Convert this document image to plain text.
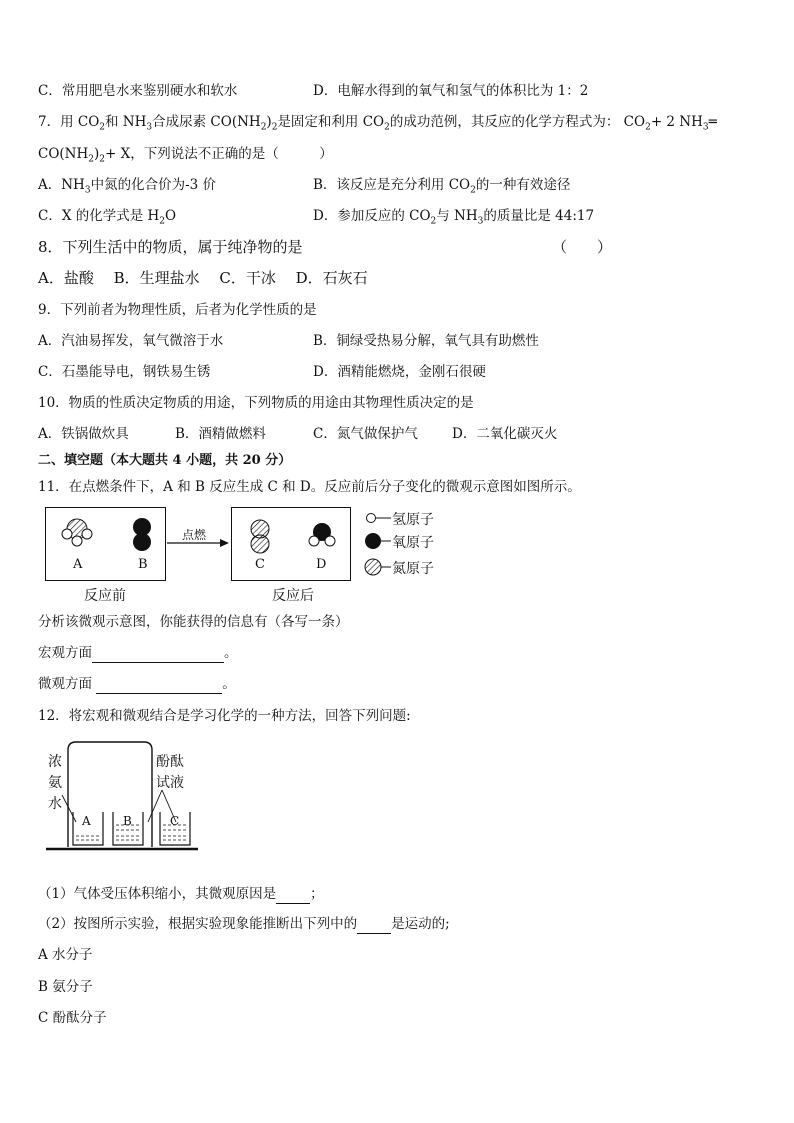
C．常用肥皂水来鉴别硬水和软水	D．电解水得到的氧气和氢气的体积比为 1：2
7．用 $CO_2$和 $NH_3$合成尿素 $CO(NH_2)_2$是固定和利用 $CO_2$的成功范例，其反应的化学方程式为： $CO_2+ 2$ $NH_3═$
$CO(NH_2)_2+ X$，下列说法不正确的是（　　　）
A．$NH_3$中氮的化合价为-3 价	B．该反应是充分利用 $CO_2$的一种有效途径
C．X 的化学式是 $H_2O$	D．参加反应的 $CO_2$与 $NH_3$的质量比是 44:17
8．下列生活中的物质，属于纯净物的是	（　　）
A．盐酸　 B．生理盐水　 C．干冰　 D．石灰石
9．下列前者为物理性质，后者为化学性质的是
A．汽油易挥发，氧气微溶于水	B．铜绿受热易分解，氧气具有助燃性
C．石墨能导电，钢铁易生锈	D．酒精能燃烧，金刚石很硬
10．物质的性质决定物质的用途，下列物质的用途由其物理性质决定的是
A．铁锅做炊具	B．酒精做燃料	C．氮气做保护气	D．二氧化碳灭火
二、填空题（本大题共 4 小题，共 20 分）
11．在点燃条件下，A 和 B 反应生成 C 和 D。反应前后分子变化的微观示意图如图所示。
A	B	C	D
点燃
反应前	反应后
氢原子
氧原子
氮原子
分析该微观示意图，你能获得的信息有（各写一条）
宏观方面	。
微观方面	。
12．将宏观和微观结合是学习化学的一种方法，回答下列问题:
浓
氨
水
酚酞
试液
A	B	C
（1）气体受压体积缩小，其微观原因是	；
（2）按图所示实验，根据实验现象能推断出下列中的	是运动的;
A 水分子
B 氨分子
C 酚酞分子
